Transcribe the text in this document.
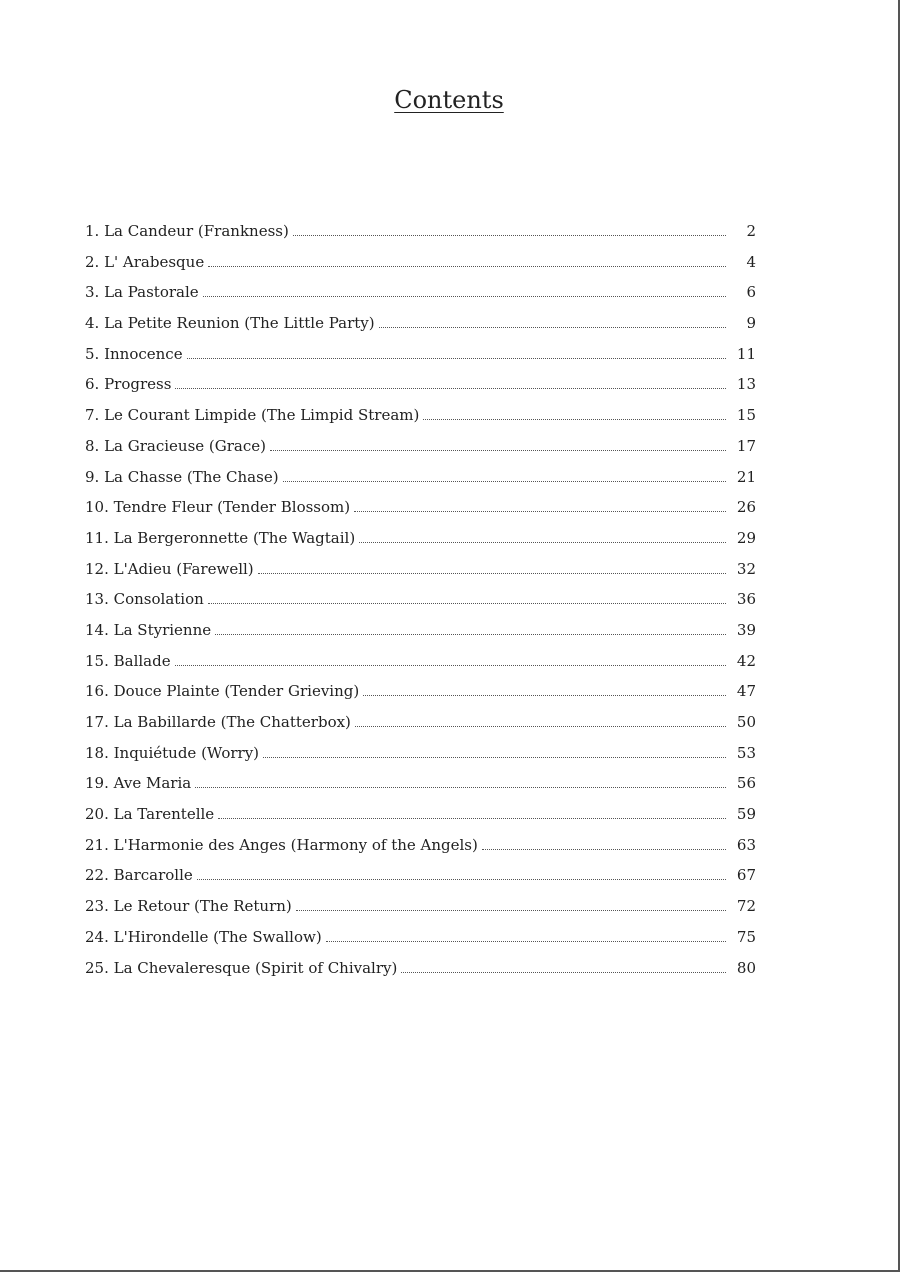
Contents
1. La Candeur (Frankness)	2
2. L' Arabesque	4
3. La Pastorale	6
4. La Petite Reunion (The Little Party)	9
5. Innocence	11
6. Progress	13
7. Le Courant Limpide (The Limpid Stream)	15
8. La Gracieuse (Grace)	17
9. La Chasse (The Chase)	21
10. Tendre Fleur (Tender Blossom)	26
11. La Bergeronnette (The Wagtail)	29
12. L'Adieu (Farewell)	32
13. Consolation	36
14. La Styrienne	39
15. Ballade	42
16. Douce Plainte (Tender Grieving)	47
17. La Babillarde (The Chatterbox)	50
18. Inquiétude (Worry)	53
19. Ave Maria	56
20. La Tarentelle	59
21. L'Harmonie des Anges (Harmony of the Angels)	63
22. Barcarolle	67
23. Le Retour (The Return)	72
24. L'Hirondelle (The Swallow)	75
25. La Chevaleresque (Spirit of Chivalry)	80
